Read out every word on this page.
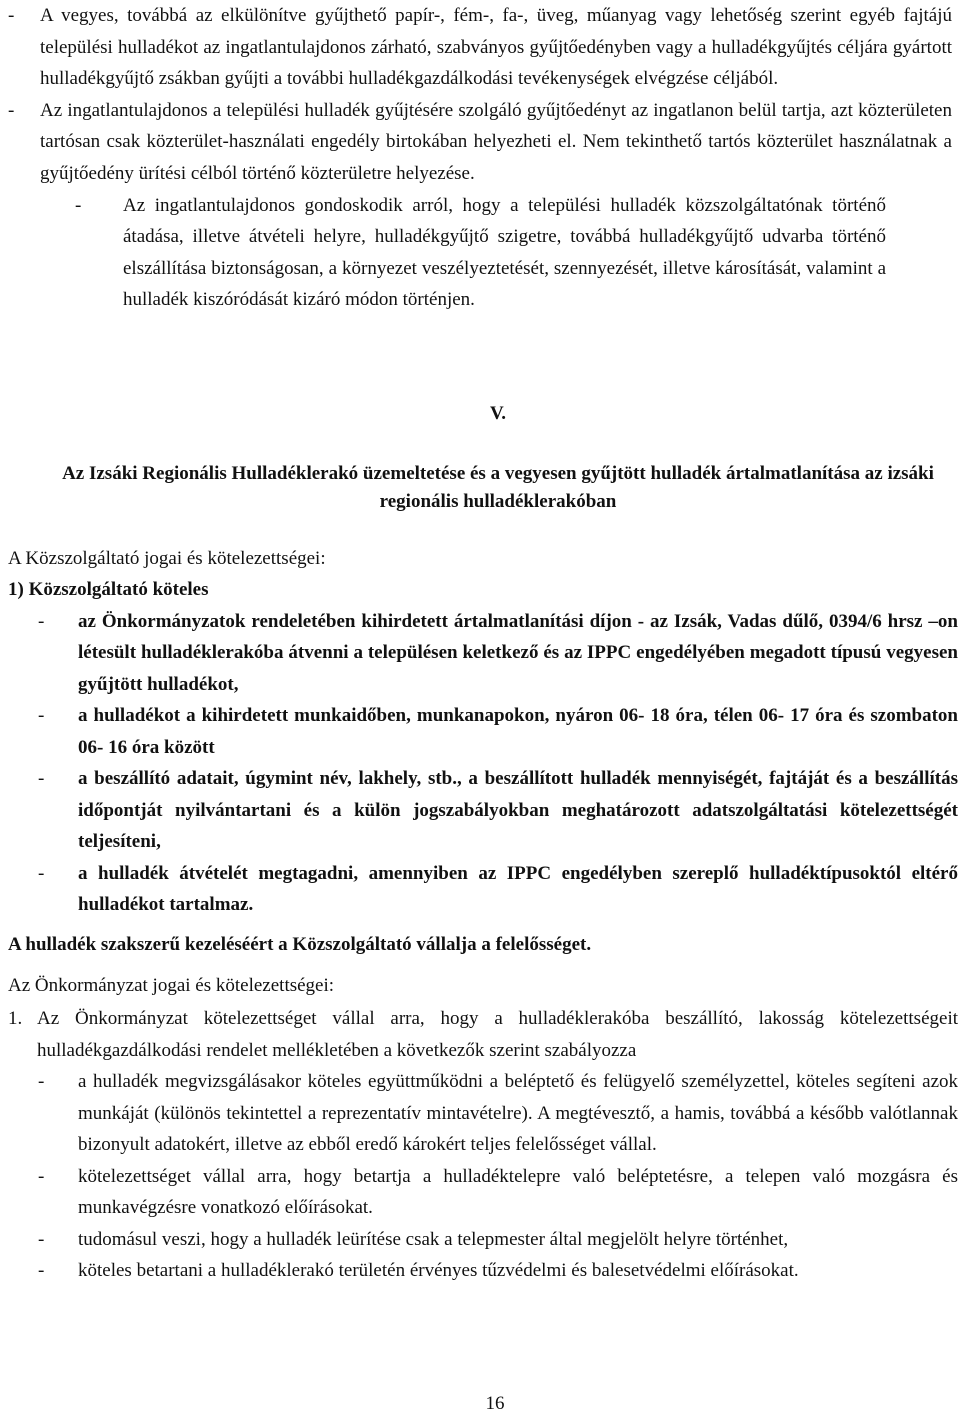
- A vegyes, továbbá az elkülönítve gyűjthető papír-, fém-, fa-, üveg, műanyag vagy lehetőség szerint egyéb fajtájú települési hulladékot az ingatlantulajdonos zárható, szabványos gyűjtőedényben vagy a hulladékgyűjtés céljára gyártott hulladékgyűjtő zsákban gyűjti a további hulladékgazdálkodási tevékenységek elvégzése céljából.
- Az ingatlantulajdonos a települési hulladék gyűjtésére szolgáló gyűjtőedényt az ingatlanon belül tartja, azt közterületen tartósan csak közterület-használati engedély birtokában helyezheti el. Nem tekinthető tartós közterület használatnak a gyűjtőedény ürítési célból történő közterületre helyezése.
- Az ingatlantulajdonos gondoskodik arról, hogy a települési hulladék közszolgáltatónak történő átadása, illetve átvételi helyre, hulladékgyűjtő szigetre, továbbá hulladékgyűjtő udvarba történő elszállítása biztonságosan, a környezet veszélyeztetését, szennyezését, illetve károsítását, valamint a hulladék kiszóródását kizáró módon történjen.
V.
Az Izsáki Regionális Hulladéklerakó üzemeltetése és a vegyesen gyűjtött hulladék ártalmatlanítása az izsáki regionális hulladéklerakóban
A Közszolgáltató jogai és kötelezettségei:
1) Közszolgáltató köteles
- az Önkormányzatok rendeletében kihirdetett ártalmatlanítási díjon - az Izsák, Vadas dűlő, 0394/6 hrsz –on létesült hulladéklerakóba átvenni a településen keletkező és az IPPC engedélyében megadott típusú vegyesen gyűjtött hulladékot,
- a hulladékot a kihirdetett munkaidőben, munkanapokon, nyáron 06- 18 óra, télen 06- 17 óra és szombaton 06- 16 óra között
- a beszállító adatait, úgymint név, lakhely, stb., a beszállított hulladék mennyiségét, fajtáját és a beszállítás időpontját nyilvántartani és a külön jogszabályokban meghatározott adatszolgáltatási kötelezettségét teljesíteni,
- a hulladék átvételét megtagadni, amennyiben az IPPC engedélyben szereplő hulladéktípusoktól eltérő hulladékot tartalmaz.
A hulladék szakszerű kezeléséért a Közszolgáltató vállalja a felelősséget.
Az Önkormányzat jogai és kötelezettségei:
1. Az Önkormányzat kötelezettséget vállal arra, hogy a hulladéklerakóba beszállító, lakosság kötelezettségeit hulladékgazdálkodási rendelet mellékletében a következők szerint szabályozza
- a hulladék megvizsgálásakor köteles együttműködni a beléptető és felügyelő személyzettel, köteles segíteni azok munkáját (különös tekintettel a reprezentatív mintavételre). A megtévesztő, a hamis, továbbá a később valótlannak bizonyult adatokért, illetve az ebből eredő károkért teljes felelősséget vállal.
- kötelezettséget vállal arra, hogy betartja a hulladéktelepre való beléptetésre, a telepen való mozgásra és munkavégzésre vonatkozó előírásokat.
- tudomásul veszi, hogy a hulladék leürítése csak a telepmester által megjelölt helyre történhet,
- köteles betartani a hulladéklerakó területén érvényes tűzvédelmi és balesetvédelmi előírásokat.
16
